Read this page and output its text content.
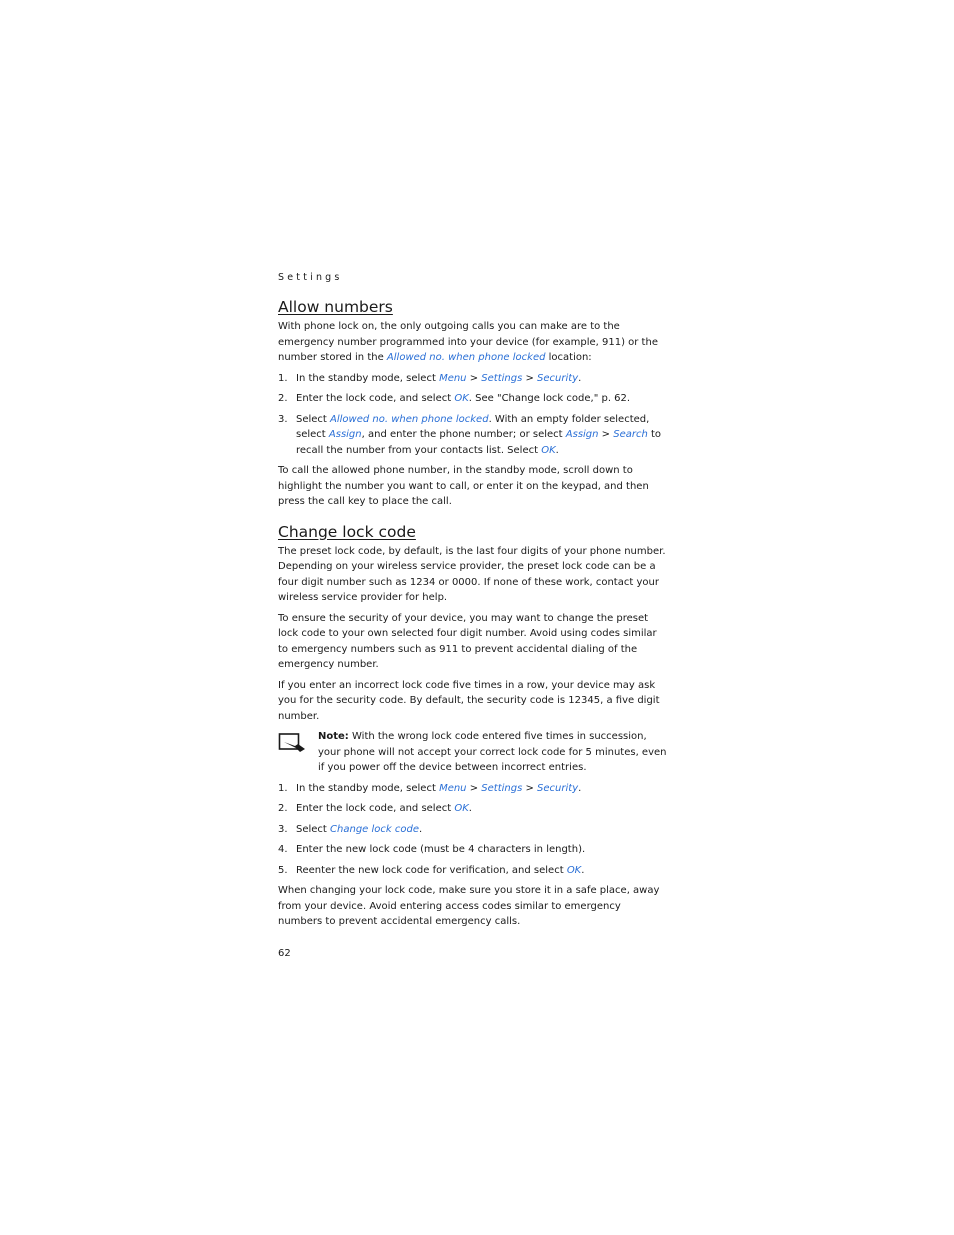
Settings
Allow numbers

With phone lock on, the only outgoing calls you can make are to the emergency number programmed into your device (for example, 911) or the number stored in the Allowed no. when phone locked location:

1. In the standby mode, select Menu > Settings > Security.
2. Enter the lock code, and select OK. See "Change lock code," p. 62.
3. Select Allowed no. when phone locked. With an empty folder selected, select Assign, and enter the phone number; or select Assign > Search to recall the number from your contacts list. Select OK.

To call the allowed phone number, in the standby mode, scroll down to highlight the number you want to call, or enter it on the keypad, and then press the call key to place the call.

Change lock code

The preset lock code, by default, is the last four digits of your phone number. Depending on your wireless service provider, the preset lock code can be a four digit number such as 1234 or 0000. If none of these work, contact your wireless service provider for help.

To ensure the security of your device, you may want to change the preset lock code to your own selected four digit number. Avoid using codes similar to emergency numbers such as 911 to prevent accidental dialing of the emergency number.

If you enter an incorrect lock code five times in a row, your device may ask you for the security code. By default, the security code is 12345, a five digit number.

Note: With the wrong lock code entered five times in succession, your phone will not accept your correct lock code for 5 minutes, even if you power off the device between incorrect entries.

1. In the standby mode, select Menu > Settings > Security.
2. Enter the lock code, and select OK.
3. Select Change lock code.
4. Enter the new lock code (must be 4 characters in length).
5. Reenter the new lock code for verification, and select OK.

When changing your lock code, make sure you store it in a safe place, away from your device. Avoid entering access codes similar to emergency numbers to prevent accidental emergency calls.

62
